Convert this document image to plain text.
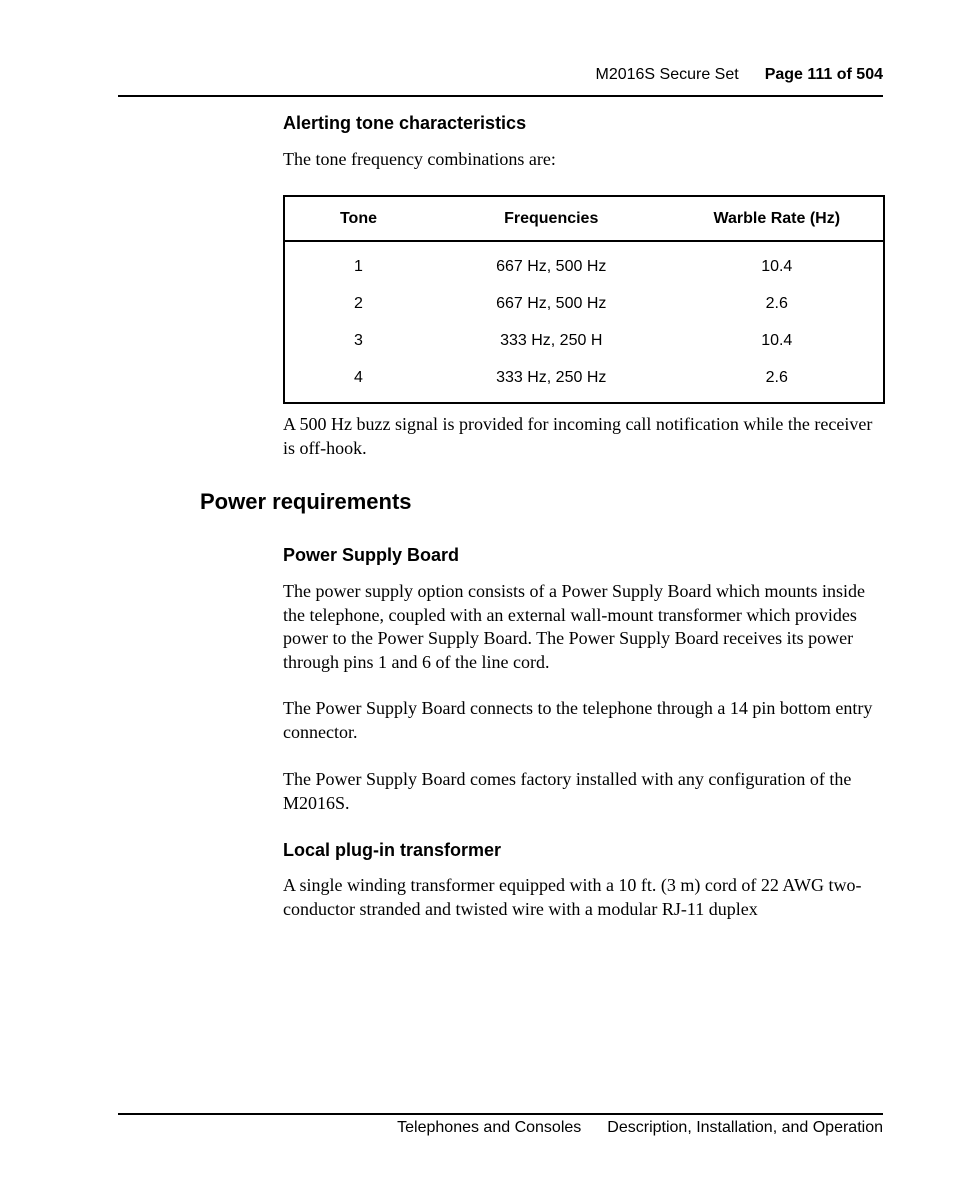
M2016S Secure Set Page 111 of 504
Alerting tone characteristics
The tone frequency combinations are:
Tone	Frequencies	Warble Rate (Hz)
1	667 Hz, 500 Hz	10.4
2	667 Hz, 500 Hz	2.6
3	333 Hz, 250 H	10.4
4	333 Hz, 250 Hz	2.6
A 500 Hz buzz signal is provided for incoming call notification while the receiver is off-hook.
Power requirements
Power Supply Board
The power supply option consists of a Power Supply Board which mounts inside the telephone, coupled with an external wall-mount transformer which provides power to the Power Supply Board. The Power Supply Board receives its power through pins 1 and 6 of the line cord.
The Power Supply Board connects to the telephone through a 14 pin bottom entry connector.
The Power Supply Board comes factory installed with any configuration of the M2016S.
Local plug-in transformer
A single winding transformer equipped with a 10 ft. (3 m) cord of 22 AWG two-conductor stranded and twisted wire with a modular RJ-11 duplex
Telephones and Consoles Description, Installation, and Operation
